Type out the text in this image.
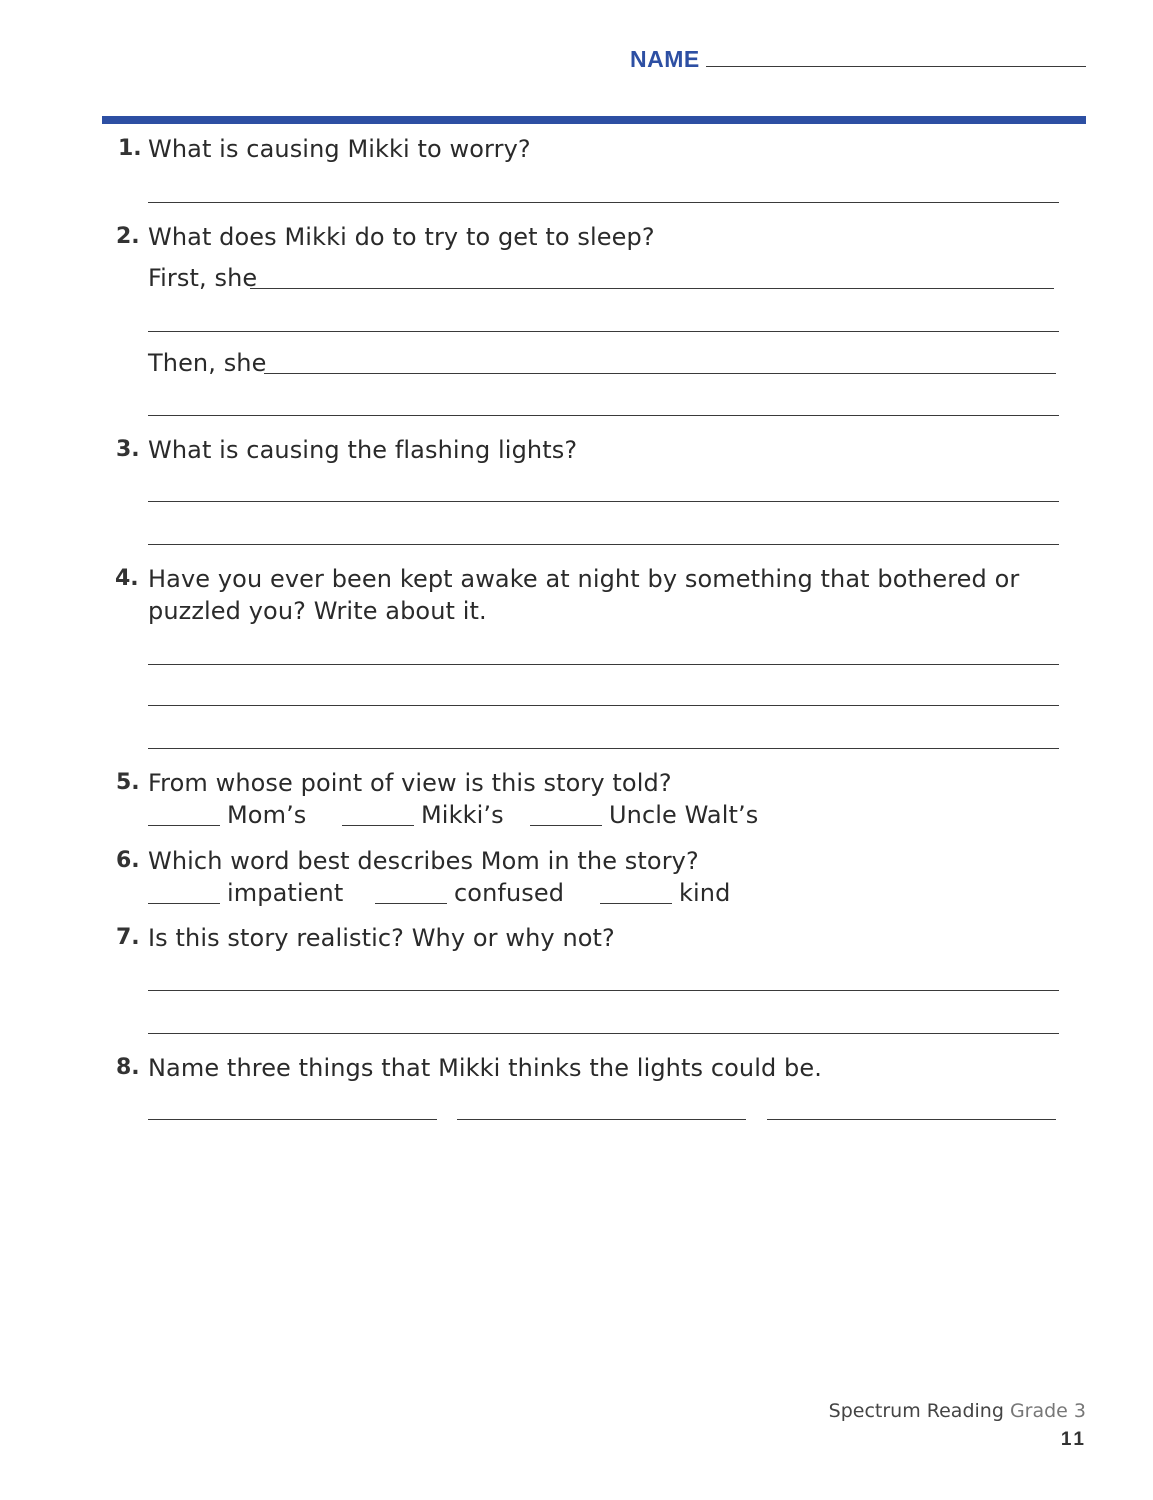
NAME
1. What is causing Mikki to worry?
2. What does Mikki do to try to get to sleep?
First, she
Then, she
3. What is causing the flashing lights?
4. Have you ever been kept awake at night by something that bothered or
puzzled you? Write about it.
5. From whose point of view is this story told?
Mom’s	Mikki’s	Uncle Walt’s
6. Which word best describes Mom in the story?
impatient	confused	kind
7. Is this story realistic? Why or why not?
8. Name three things that Mikki thinks the lights could be.
Spectrum Reading Grade 3
11
